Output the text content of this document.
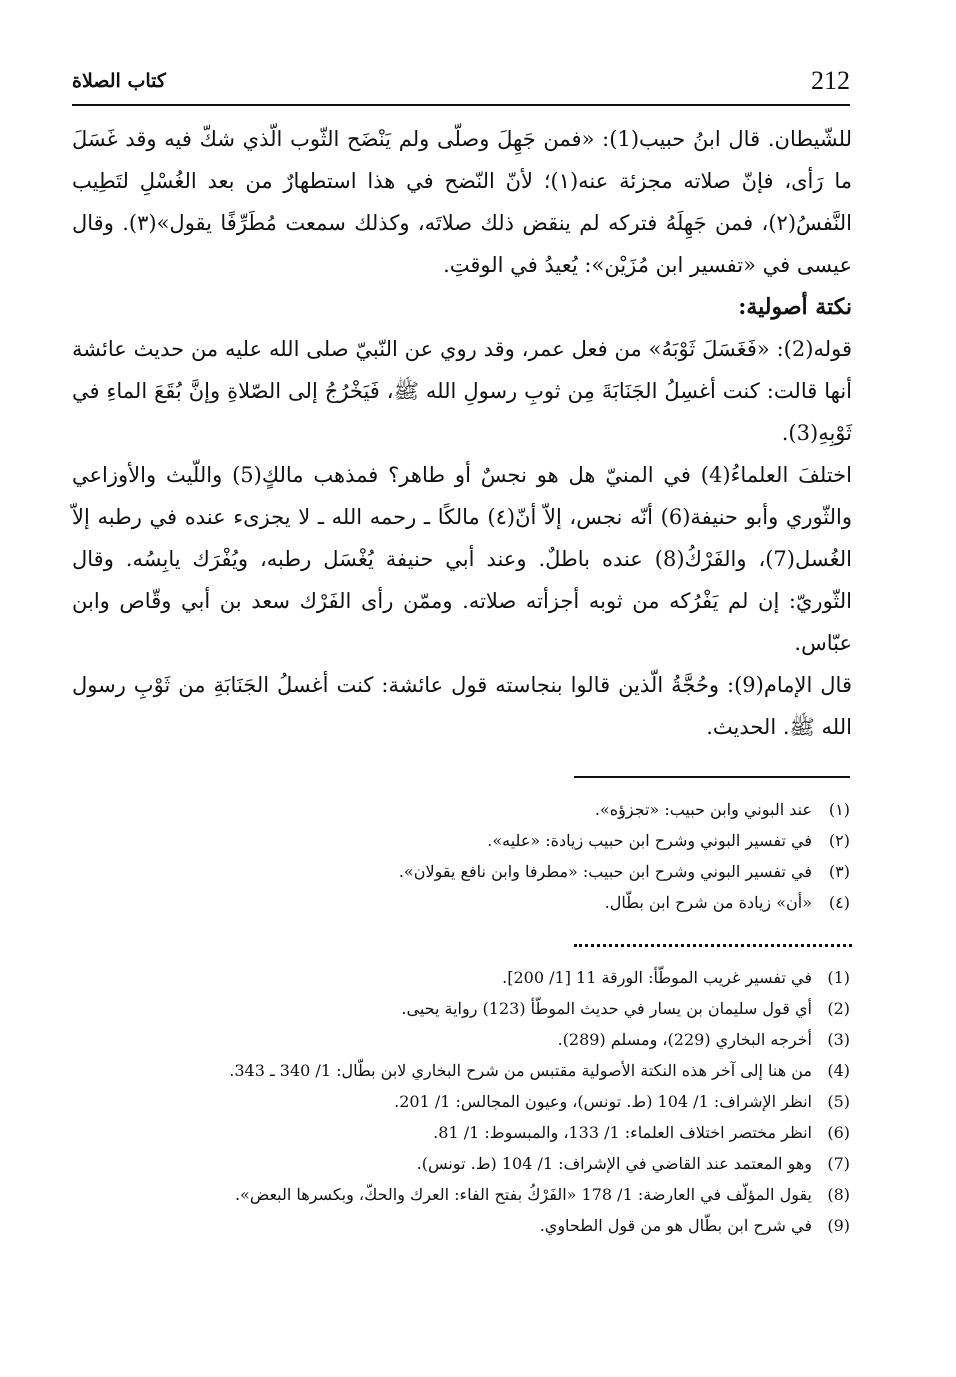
212
كتاب الصلاة

للشّيطان. قال ابنُ حبيب(1): «فمن جَهِلَ وصلّى ولم يَنْضَح الثّوب الّذي شكّ فيه وقد غَسَلَ ما رَأى، فإنّ صلاته مجزئة عنه(١)؛ لأنّ النّضح في هذا استطهارٌ من بعد الغُسْلِ لتَطِيب النَّفسُ(٢)، فمن جَهِلَهُ فتركه لم ينقض ذلك صلاتَه، وكذلك سمعت مُطَرِّفًا يقول»(٣). وقال عيسى في «تفسير ابن مُزَيْن»: يُعيدُ في الوقتِ.

نكتة أصولية:

قوله(2): «فَغَسَلَ ثَوْبَهُ» من فعل عمر، وقد روي عن النّبيّ صلى الله عليه من حديث عائشة أنها قالت: كنت أغسِلُ الجَنَابَةَ مِن ثوبِ رسولِ الله ﷺ، فَيَخْرُجُ إلى الصّلاةِ وإنَّ بُقَعَ الماءِ في ثَوْبِهِ(3).

اختلفَ العلماءُ(4) في المنيّ هل هو نجسٌ أو طاهر؟ فمذهب مالكٍ(5) واللّيث والأوزاعي والثّوري وأبو حنيفة(6) أنّه نجس، إلاّ أنّ(٤) مالكًا ـ رحمه الله ـ لا يجزىء عنده في رطبه إلاّ الغُسل(7)، والفَرْكُ(8) عنده باطلٌ. وعند أبي حنيفة يُغْسَل رطبه، ويُفْرَك يابِسُه. وقال الثّوريّ: إن لم يَفْرُكه من ثوبه أجزأته صلاته. وممّن رأى الفَرْك سعد بن أبي وقّاص وابن عبّاس.

قال الإمام(9): وحُجَّةُ الّذين قالوا بنجاسته قول عائشة: كنت أغسلُ الجَنَابَةِ من ثَوْبِ رسول الله ﷺ. الحديث.

(١)
عند البوني وابن حبيب: «تجزؤه».
(٢)
في تفسير البوني وشرح ابن حبيب زيادة: «عليه».
(٣)
في تفسير البوني وشرح ابن حبيب: «مطرفا وابن نافع يقولان».
(٤)
«أن» زيادة من شرح ابن بطّال.
(1)
في تفسير غريب الموطّأ: الورقة 11 [1/ 200].
(2)
أي قول سليمان بن يسار في حديث الموطّأ (123) رواية يحيى.
(3)
أخرجه البخاري (229)، ومسلم (289).
(4)
من هنا إلى آخر هذه النكتة الأصولية مقتبس من شرح البخاري لابن بطّال: 1/ 340 ـ 343.
(5)
انظر الإشراف: 1/ 104 (ط. تونس)، وعيون المجالس: 1/ 201.
(6)
انظر مختصر اختلاف العلماء: 1/ 133، والمبسوط: 1/ 81.
(7)
وهو المعتمد عند القاضي في الإشراف: 1/ 104 (ط. تونس).
(8)
يقول المؤلّف في العارضة: 1/ 178 «الفَرْكُ بفتح الفاء: العرك والحكّ، وبكسرها البعض».
(9)
في شرح ابن بطّال هو من قول الطحاوي.
